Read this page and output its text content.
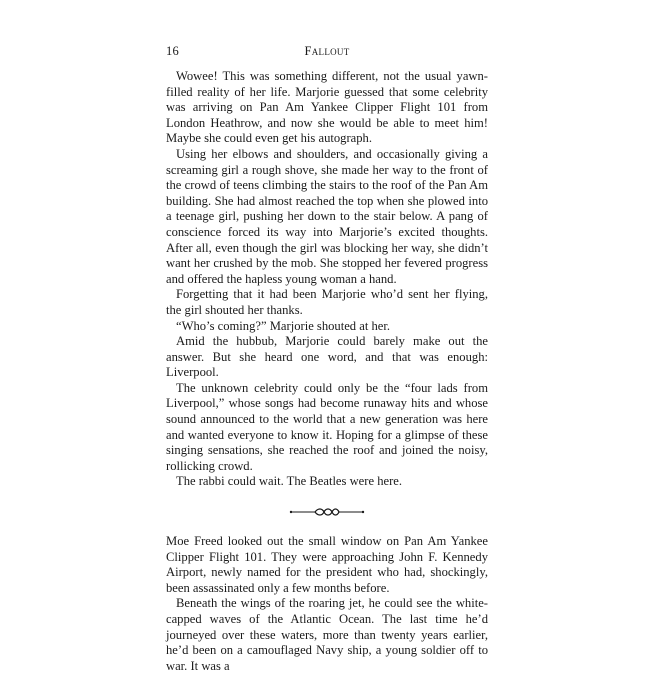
16	Fallout

Wowee! This was something different, not the usual yawn-filled reality of her life. Marjorie guessed that some celebrity was arriving on Pan Am Yankee Clipper Flight 101 from London Heathrow, and now she would be able to meet him! Maybe she could even get his autograph.

Using her elbows and shoulders, and occasionally giving a screaming girl a rough shove, she made her way to the front of the crowd of teens climbing the stairs to the roof of the Pan Am building. She had almost reached the top when she plowed into a teenage girl, pushing her down to the stair below. A pang of conscience forced its way into Marjorie’s excited thoughts. After all, even though the girl was blocking her way, she didn’t want her crushed by the mob. She stopped her fevered progress and offered the hapless young woman a hand.

Forgetting that it had been Marjorie who’d sent her flying, the girl shouted her thanks.

“Who’s coming?” Marjorie shouted at her.

Amid the hubbub, Marjorie could barely make out the answer. But she heard one word, and that was enough: Liverpool.

The unknown celebrity could only be the “four lads from Liverpool,” whose songs had become runaway hits and whose sound announced to the world that a new generation was here and wanted everyone to know it. Hoping for a glimpse of these singing sensations, she reached the roof and joined the noisy, rollicking crowd.

The rabbi could wait. The Beatles were here.

Moe Freed looked out the small window on Pan Am Yankee Clipper Flight 101. They were approaching John F. Kennedy Airport, newly named for the president who had, shockingly, been assassinated only a few months before.

Beneath the wings of the roaring jet, he could see the white-capped waves of the Atlantic Ocean. The last time he’d journeyed over these waters, more than twenty years earlier, he’d been on a camouflaged Navy ship, a young soldier off to war. It was a
